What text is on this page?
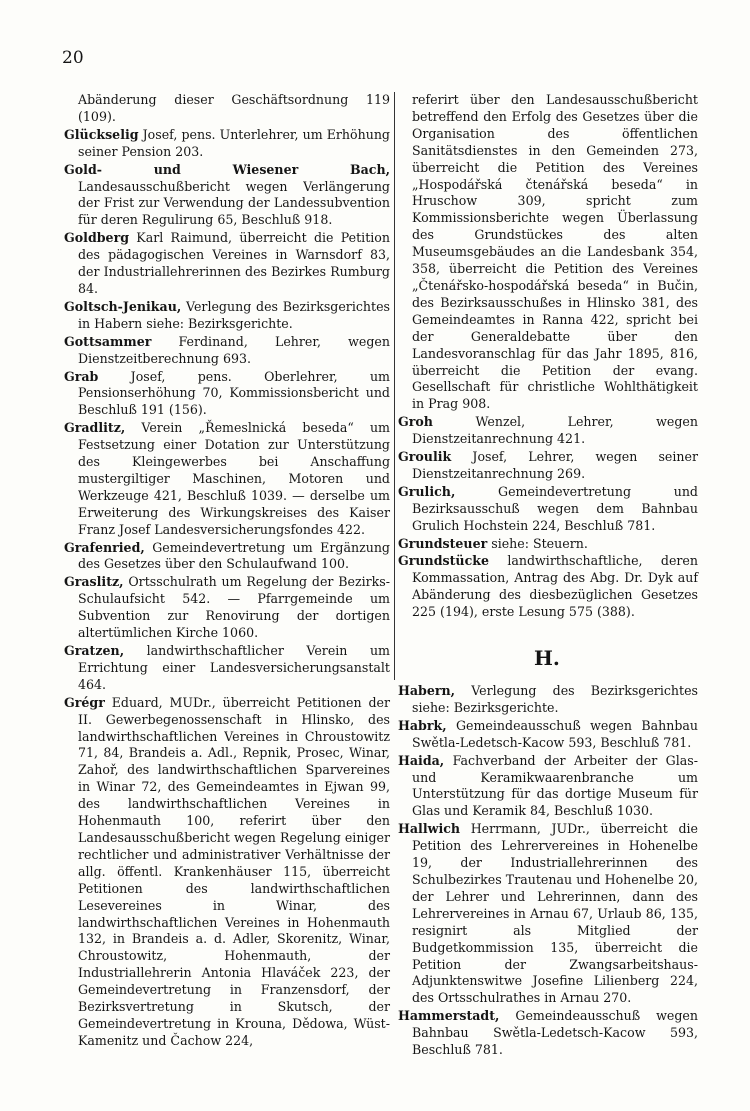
20

Abänderung dieser Geschäftsordnung 119 (109).

Glückselig Josef, pens. Unterlehrer, um Erhöhung seiner Pension 203.

Gold- und Wiesener Bach, Landesausschußbericht wegen Verlängerung der Frist zur Verwendung der Landessubvention für deren Regulirung 65, Beschluß 918.

Goldberg Karl Raimund, überreicht die Petition des pädagogischen Vereines in Warnsdorf 83, der Industriallehrerinnen des Bezirkes Rumburg 84.

Goltsch-Jenikau, Verlegung des Bezirksgerichtes in Habern siehe: Bezirksgerichte.

Gottsammer Ferdinand, Lehrer, wegen Dienstzeitberechnung 693.

Grab Josef, pens. Oberlehrer, um Pensionserhöhung 70, Kommissionsbericht und Beschluß 191 (156).

Gradlitz, Verein „Řemeslnická beseda“ um Festsetzung einer Dotation zur Unterstützung des Kleingewerbes bei Anschaffung mustergiltiger Maschinen, Motoren und Werkzeuge 421, Beschluß 1039. — derselbe um Erweiterung des Wirkungskreises des Kaiser Franz Josef Landesversicherungsfondes 422.

Grafenried, Gemeindevertretung um Ergänzung des Gesetzes über den Schulaufwand 100.

Graslitz, Ortsschulrath um Regelung der Bezirks-Schulaufsicht 542. — Pfarrgemeinde um Subvention zur Renovirung der dortigen altertümlichen Kirche 1060.

Gratzen, landwirthschaftlicher Verein um Errichtung einer Landesversicherungsanstalt 464.

Grégr Eduard, MUDr., überreicht Petitionen der II. Gewerbegenossenschaft in Hlinsko, des landwirthschaftlichen Vereines in Chroustowitz 71, 84, Brandeis a. Adl., Repnik, Prosec, Winar, Zahoř, des landwirthschaftlichen Sparvereines in Winar 72, des Gemeindeamtes in Ejwan 99, des landwirthschaftlichen Vereines in Hohenmauth 100, referirt über den Landesausschußbericht wegen Regelung einiger rechtlicher und administrativer Verhältnisse der allg. öffentl. Krankenhäuser 115, überreicht Petitionen des landwirthschaftlichen Lesevereines in Winar, des landwirthschaftlichen Vereines in Hohenmauth 132, in Brandeis a. d. Adler, Skorenitz, Winar, Chroustowitz, Hohenmauth, der Industriallehrerin Antonia Hlaváček 223, der Gemeindevertretung in Franzensdorf, der Bezirksvertretung in Skutsch, der Gemeindevertretung in Krouna, Dědowa, Wüst-Kamenitz und Čachow 224,

referirt über den Landesausschußbericht betreffend den Erfolg des Gesetzes über die Organisation des öffentlichen Sanitätsdienstes in den Gemeinden 273, überreicht die Petition des Vereines „Hospodářská čtenářská beseda“ in Hruschow 309, spricht zum Kommissionsberichte wegen Überlassung des Grundstückes des alten Museumsgebäudes an die Landesbank 354, 358, überreicht die Petition des Vereines „Čtenářsko-hospodářská beseda“ in Bučin, des Bezirksausschußes in Hlinsko 381, des Gemeindeamtes in Ranna 422, spricht bei der Generaldebatte über den Landesvoranschlag für das Jahr 1895, 816, überreicht die Petition der evang. Gesellschaft für christliche Wohlthätigkeit in Prag 908.

Groh Wenzel, Lehrer, wegen Dienstzeitanrechnung 421.

Groulik Josef, Lehrer, wegen seiner Dienstzeitanrechnung 269.

Grulich, Gemeindevertretung und Bezirksausschuß wegen dem Bahnbau Grulich Hochstein 224, Beschluß 781.

Grundsteuer siehe: Steuern.

Grundstücke landwirthschaftliche, deren Kommassation, Antrag des Abg. Dr. Dyk auf Abänderung des diesbezüglichen Gesetzes 225 (194), erste Lesung 575 (388).

H.

Habern, Verlegung des Bezirksgerichtes siehe: Bezirksgerichte.

Habrk, Gemeindeausschuß wegen Bahnbau Swětla-Ledetsch-Kacow 593, Beschluß 781.

Haida, Fachverband der Arbeiter der Glas- und Keramikwaarenbranche um Unterstützung für das dortige Museum für Glas und Keramik 84, Beschluß 1030.

Hallwich Herrmann, JUDr., überreicht die Petition des Lehrervereines in Hohenelbe 19, der Industriallehrerinnen des Schulbezirkes Trautenau und Hohenelbe 20, der Lehrer und Lehrerinnen, dann des Lehrervereines in Arnau 67, Urlaub 86, 135, resignirt als Mitglied der Budgetkommission 135, überreicht die Petition der Zwangsarbeitshaus-Adjunktenswitwe Josefine Lilienberg 224, des Ortsschulrathes in Arnau 270.

Hammerstadt, Gemeindeausschuß wegen Bahnbau Swětla-Ledetsch-Kacow 593, Beschluß 781.
